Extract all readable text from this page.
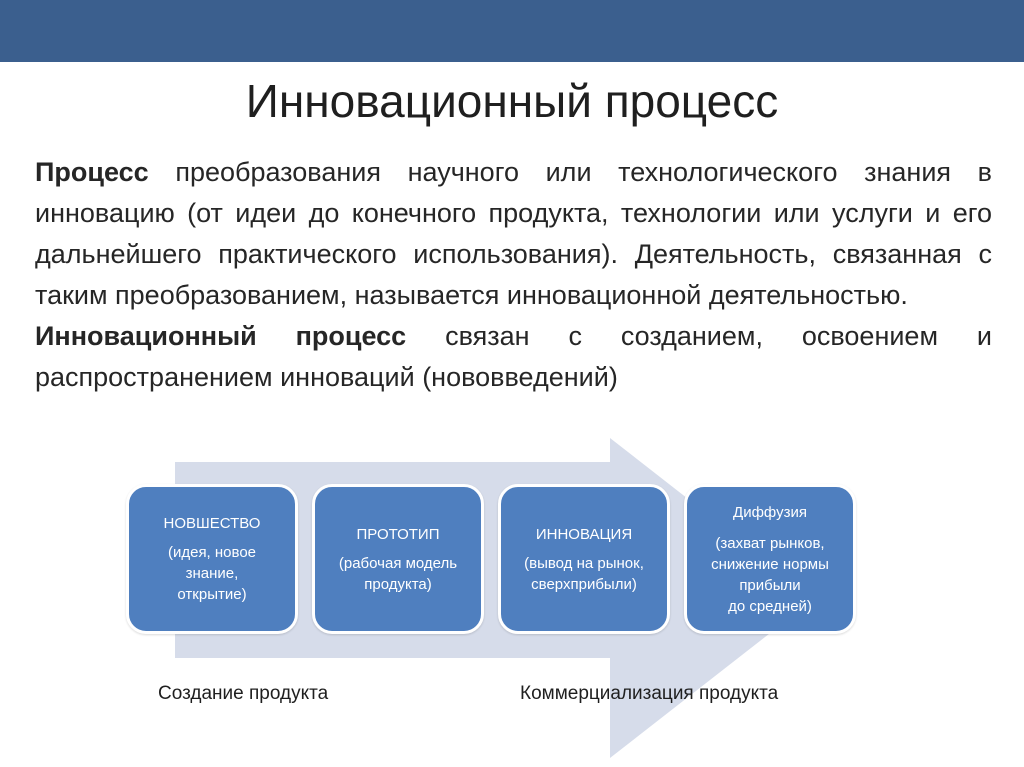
Инновационный процесс

Процесс преобразования научного или технологического знания в инновацию (от идеи до конечного продукта, технологии или услуги и его дальнейшего практического использования). Деятельность, связанная с таким преобразованием, называется инновационной деятельностью.

Инновационный процесс связан с созданием, освоением и распространением инноваций (нововведений)

НОВШЕСТВО
(идея, новое
знание,
открытие)
ПРОТОТИП
(рабочая модель
продукта)
ИННОВАЦИЯ
(вывод на рынок,
сверхприбыли)
Диффузия
(захват рынков,
снижение нормы
прибыли
до средней)
Создание продукта	Коммерциализация продукта
